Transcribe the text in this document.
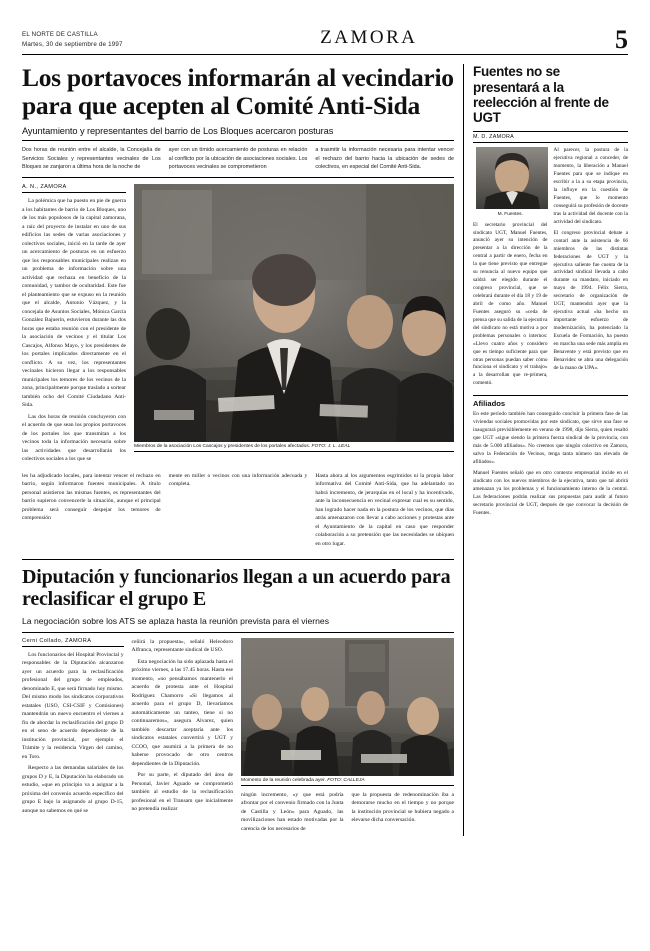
EL NORTE DE CASTILLA
Martes, 30 de septiembre de 1997	ZAMORA	5
Los portavoces informarán al vecindario para que acepten al Comité Anti-Sida
Ayuntamiento y representantes del barrio de Los Bloques acercaron posturas
Dos horas de reunión entre el alcalde, la Concejalía de Servicios Sociales y representantes vecinales de Los Bloques se zanjaron a última hora de la noche de
ayer con un tímido acercamiento de posturas en relación al conflicto por la ubicación de asociaciones sociales. Los portavoces vecinales se comprometieron
a trasmitir la información necesaria para intentar vencer el rechazo del barrio hacia la ubicación de sedes de colectivos, en especial del Comité Anti-Sida.
A. N., ZAMORA

La polémica que ha puesto en pie de guerra a los habitantes de barrio de Los Bloques, uno de los más populosos de la capital zamorana, a raíz del proyecto de instalar en uno de sus edificios las sedes de varias asociaciones y colectivos sociales, inició en la tarde de ayer un acercamiento de posturas en un esfuerzo que los responsables municipales realizan en un problema de información sobre una actividad que rechaza en beneficio de la comunidad, y tambor de ocultaridad. Este fue el planteamiento que se expuso en la reunión que el alcalde, Antonio Vázquez, y la concejala de Asuntos Sociales, Mónica García González Bajuerín, estuvieron durante las dos horas que estaba reunión con el presidente de la asociación de vecinos y el titular Los Cascajos, Alfonso Mayo, y los presidentes de los portales implicados directamente en el conflicto. A su vez, los representantes vecinales hicieron llegar a los responsables municipales los temores de los vecinos de la zona, principalmente porque traslado a sortear también ocho del Comité Ciudadano Anti-Sida.

Las dos horas de reunión concluyeron con el acuerdo de que sean los propios portavoces de los portales los que transmitan a los vecinos toda la información necesaria sobre las actividades que desarrollarán los colectivos sociales a los que se

Miembros de la asociación Los Cascajos y presidentes de los portales afectados. FOTO: J. L. LEAL

les ha adjudicado locales, para intentar vencer el rechazo en barrio, según informaron fuentes municipales. A título personal asistieron las mismas fuentes, es representantes del barrio supieron convencerle la situación, aunque el principal problema será conseguir despejar los temores de comprensión

mente en miller o vecinos con una información adecuada y completa.

Hasta ahora al los argumentos esgrimidos ni la propia labor informativa del Comité Anti-Sida, que ha adelantado no habrá incremento, de jerarquías en el local y ha incentivado, ante la inconsecuencia en vecinal expresar cual es su sentido, han logrado hacer nada en la postura de los vecinos, que días atrás amenazaron con llevar a cabo acciones y protestas ante el Ayuntamiento de la capital en caso que responder colaboración a su pretensión que las necesidades se ubiquen en otro lugar.

Diputación y funcionarios llegan a un acuerdo para reclasificar el grupo E
La negociación sobre los ATS se aplaza hasta la reunión prevista para el viernes
Cerni Collado, ZAMORA

Los funcionarios del Hospital Provincial y responsables de la Diputación alcanzaron ayer un acuerdo para la reclasificación profesional del grupo de empleados, denominado E, que será firmado hoy mismo. Del mismo modo los sindicatos corporativos estatales (USO, CSI-CSIF y Comisiones) mantendrán un nuevo encuentro el viernes a fin de abordar la reclasificación del grupo D en el seno de acuerdo dependiente de la institución provincial, por ejemplo el Trámite y la residencia Virgen del camino, en Toro.

Respecto a las demandas salariales de los grupos D y E, la Diputación ha elaborado un estudio, «que en principio va a asignar a la próxima del convenio acuerdo específico del grupo E bajo la asignando al grupo D-15, aunque no sabemos en qué se

ceñirá la propuesta», señaló Heleodoro Alfranca, representante sindical de USO.

Esta negociación ha sido aplazada hasta el próximo viernes, a las 17.45 horas. Hasta ese momento, «no pensábamos mantenerlo el acuerdo de protesta ante el Hospital Rodríguez Chamorro «Si llegamos al acuerdo para el grupo D, llevaríamos automáticamente un tanteo, tiene si no continuaremos», asegura Alvarez, quien también descartar aceptaría ante los sindicatos estatales convertirá y UGT y CCOO, que asumirá a la primera de no haberse provocado de otro centros dependientes de la Diputación.

Por su parte, el diputado del área de Personal, Javier Aguado se comprometió también al estudio de la reclasificación profesional en el Transam que inicialmente no pretendía realizar

Momento de la reunión celebrada ayer. FOTO: CALLEJA

ningún incremento, «y que está podría afrontar por el convenio firmado con la Junta de Castilla y León» para Aguado, las movilizaciones han estado motivadas por la carencia de los necesarios de

que la propuesta de redenominación iba a demorarse mucho en el tiempo y no porque la institución provincial se hubiera negado a elevarse dicha conversación.

Fuentes no se presentará a la reelección al frente de UGT
M. D. ZAMORA
M. Fuentes.

El secretario provincial del sindicato UGT, Manuel Fuentes, anunció ayer su intención de presentar a la dirección de la central a partir de enero, fecha en la que tiene previsto que entregue su renuncia al nuevo equipo que saldrá ser elegido durante el congreso provincial, que se celebrará durante el día 18 y 19 de abril de como año. Manuel Fuentes aseguró su «ceda de prensa que su salida de la ejecutiva del sindicato no está motiva a por problemas personales o internos: «Llevo cuatro años y considero que es tiempo suficiente para que otras personas puedan saber cómo funciona el sindicato y el trabajo» a la desarrollan que re-primera, comentó.

Al parecer, la postura de la ejecutiva regional a conceder, de momento, la liberación a Manuel Fuentes para que se indique en escribir a la a su etapa provincia, la influye en la cuestión de Fuentes, que lo momento conseguirá su profesión de docente tras la actividad del docente con la actividad del sindicato.

El congreso provincial debate a contarl ante la asistencia de 66 miembros de las distintas federaciones de UGT y la ejecutiva saliente fue cuenta de la actividad sindical llevada a cabo durante su mandato, iniciado en mayo de 1994. Félix Sierra, secretario de organización de UGT, mantendrá ayer que la ejecutiva actual «ha hecho un importante esfuerzo de modernización, ha potenciado la Escuela de Formación, ha puesto en marcha una sede más amplia en Benavente y está previsto que en Benavidez se abra una delegación de la mano de UPA».

Afiliados

En este período también han conseguido concluir la primera fase de las viviendas sociales promovidas por este sindicato, que sirve una fase se inaugurará previsiblemente en verano de 1998, dijo Sierra, quien resaltó que UGT «sigue siendo la primera fuerza sindical de la provincia, con más de 5.000 afiliados». No creemos que ningún colectivo en Zamora, salvo la Federación de Vecinos, tenga tanta número tan elevado de afiliados».

Manuel Fuentes señaló que en otro contexto empresarial incide en el sindicato con los nuevos miembros de la ejecutiva, tanto que tal abrirá amenazan ya los problemas y el funcionamiento interno de la central. Las federaciones podrán realizar sus propuestas para audir al futuro secretario provincial de UGT, después de que convocar la decisión de Fuentes.
